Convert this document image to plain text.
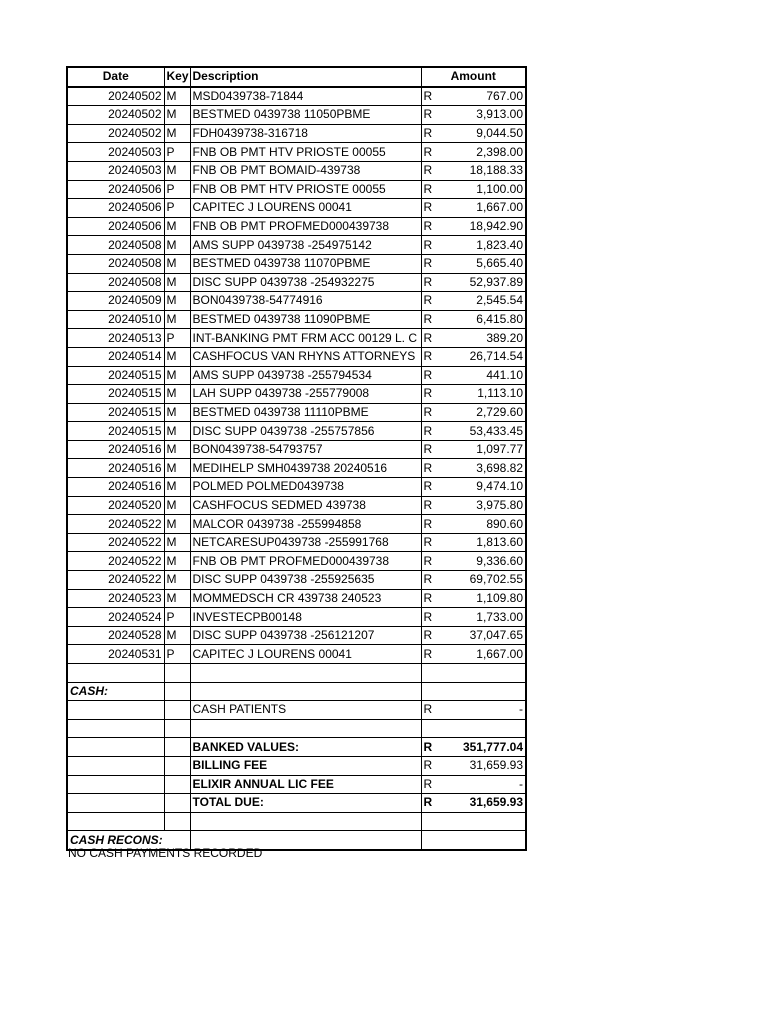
Date	Key	Description	Amount	
20240502	M	MSD0439738-71844	R	767.00
20240502	M	BESTMED 0439738 11050PBME	R	3,913.00
20240502	M	FDH0439738-316718	R	9,044.50
20240503	P	FNB OB PMT HTV PRIOSTE 00055	R	2,398.00
20240503	M	FNB OB PMT BOMAID-439738	R	18,188.33
20240506	P	FNB OB PMT HTV PRIOSTE 00055	R	1,100.00
20240506	P	CAPITEC J LOURENS 00041	R	1,667.00
20240506	M	FNB OB PMT PROFMED000439738	R	18,942.90
20240508	M	AMS SUPP 0439738 -254975142	R	1,823.40
20240508	M	BESTMED 0439738 11070PBME	R	5,665.40
20240508	M	DISC SUPP 0439738 -254932275	R	52,937.89
20240509	M	BON0439738-54774916	R	2,545.54
20240510	M	BESTMED 0439738 11090PBME	R	6,415.80
20240513	P	INT-BANKING PMT FRM ACC 00129 L. C	R	389.20
20240514	M	CASHFOCUS VAN RHYNS ATTORNEYS	R	26,714.54
20240515	M	AMS SUPP 0439738 -255794534	R	441.10
20240515	M	LAH SUPP 0439738 -255779008	R	1,113.10
20240515	M	BESTMED 0439738 11110PBME	R	2,729.60
20240515	M	DISC SUPP 0439738 -255757856	R	53,433.45
20240516	M	BON0439738-54793757	R	1,097.77
20240516	M	MEDIHELP SMH0439738 20240516	R	3,698.82
20240516	M	POLMED POLMED0439738	R	9,474.10
20240520	M	CASHFOCUS SEDMED 439738	R	3,975.80
20240522	M	MALCOR 0439738 -255994858	R	890.60
20240522	M	NETCARESUP0439738 -255991768	R	1,813.60
20240522	M	FNB OB PMT PROFMED000439738	R	9,336.60
20240522	M	DISC SUPP 0439738 -255925635	R	69,702.55
20240523	M	MOMMEDSCH CR 439738 240523	R	1,109.80
20240524	P	INVESTECPB00148	R	1,733.00
20240528	M	DISC SUPP 0439738 -256121207	R	37,047.65
20240531	P	CAPITEC J LOURENS 00041	R	1,667.00

CASH:				
		CASH PATIENTS	R	-

		BANKED VALUES:	R	351,777.04
		BILLING FEE	R	31,659.93
		ELIXIR ANNUAL LIC FEE	R	-
		TOTAL DUE:	R	31,659.93

CASH RECONS:				
NO CASH PAYMENTS RECORDED
